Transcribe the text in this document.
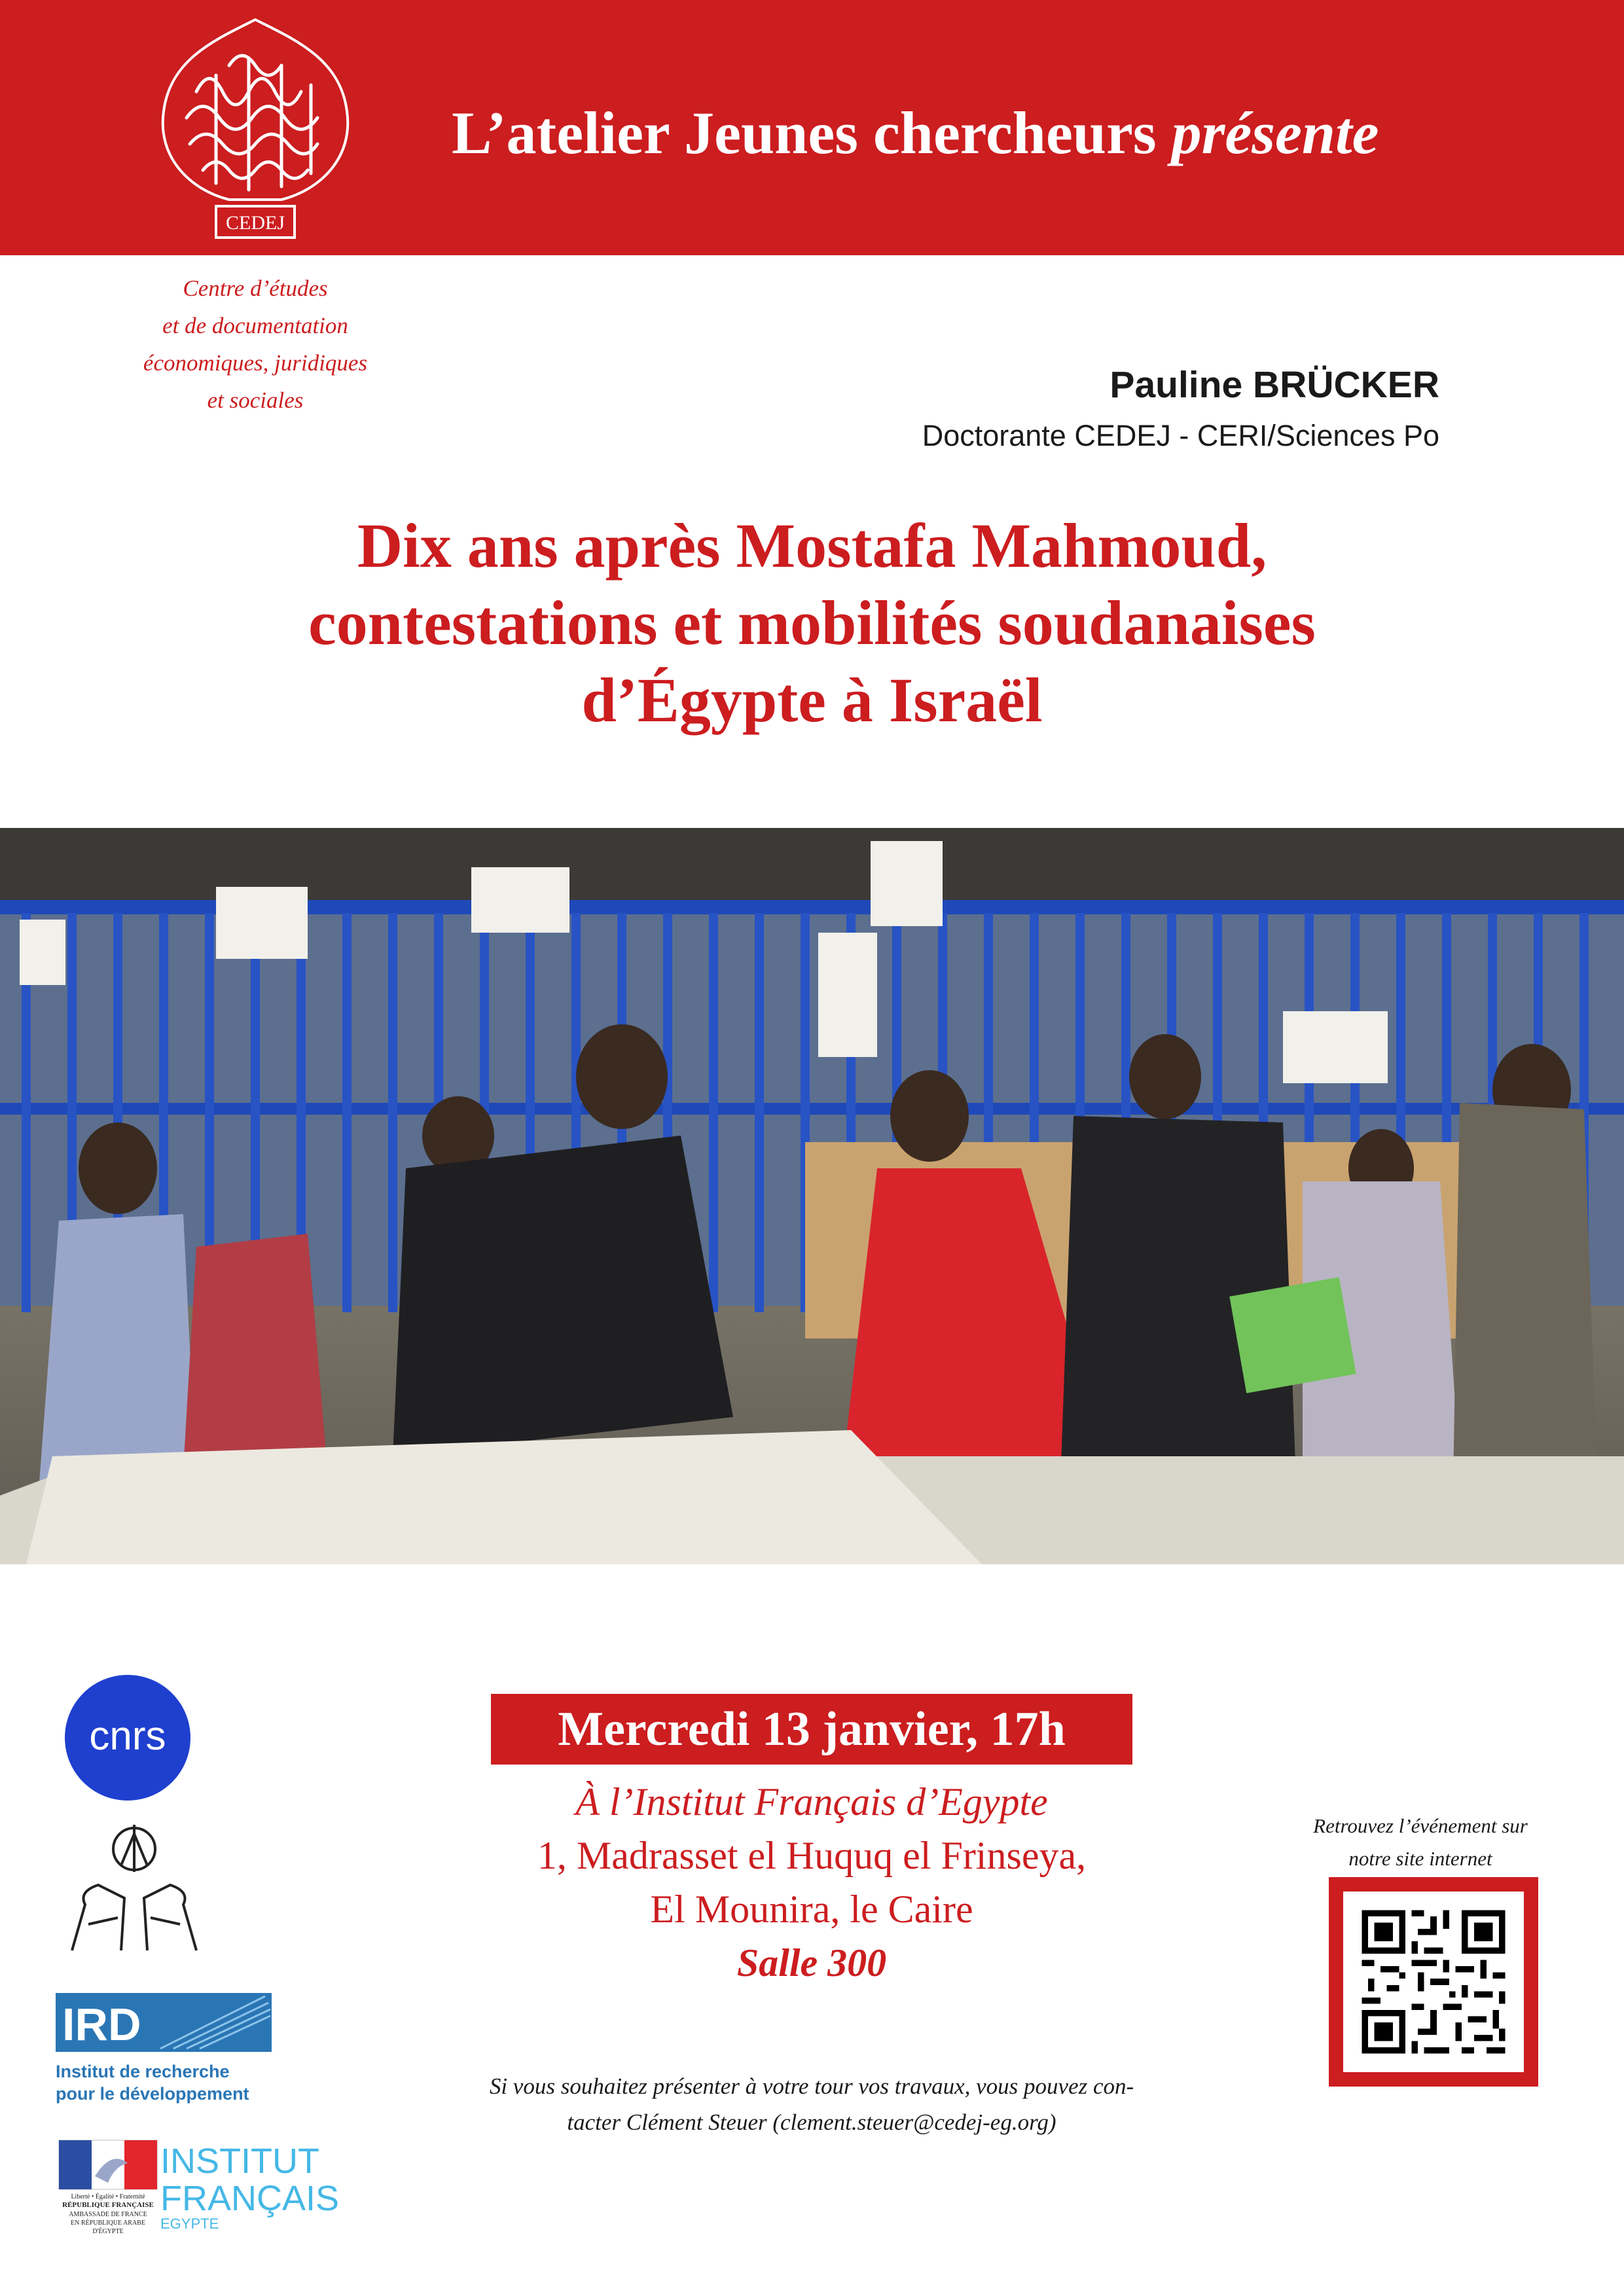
CEDEJ
L’atelier Jeunes chercheurs présente
Centre d’études
et de documentation
économiques, juridiques
et sociales	Pauline BRÜCKER
Doctorante CEDEJ - CERI/Sciences Po
Dix ans après Mostafa Mahmoud,
contestations et mobilités soudanaises
d’Égypte à Israël
Mercredi 13 janvier, 17h
À l’Institut Français d’Egypte
1, Madrasset el Huquq el Frinseya,
El Mounira, le Caire
Salle 300
Si vous souhaitez présenter à votre tour vos travaux, vous pouvez con-
tacter Clément Steuer (clement.steuer@cedej-eg.org)
Retrouvez l’événement sur
notre site internet
cnrs
IRD
Institut de recherche
pour le développement
Liberté • Égalité • Fraternité
RÉPUBLIQUE FRANÇAISE
AMBASSADE DE FRANCE
EN RÉPUBLIQUE ARABE
D'ÉGYPTE
INSTITUT
FRANÇAIS
EGYPTE
